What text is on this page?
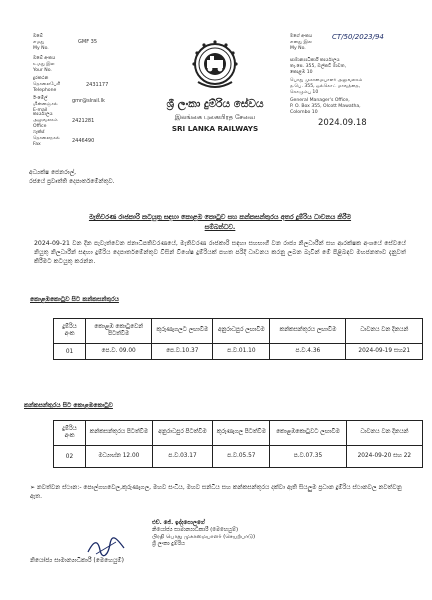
ඔබේ
எமது
My No.
GMF 35
ඔබේ අංකය
உமது இல
Your No.
දුරකථන
தொலைபேசி
Telephone
2431177
ඊ-මේල්
மின்னஞ்சல்
E-mail
gmr@slrail.lk
කාර්යාලය
அலுவலகம்
Office
2421281
ෆැක්ස්
தொலைநகல்
Fax
2446490
ශ්‍රී ලංකා දුම්රිය සේවය
இலங்கை புகையிரத சேவை
SRI LANKA RAILWAYS
මගේ අංකය
எனது இல
My No.
CT/50/2023/94
සාමාන්‍යාධිකාරී කාර්යාලය
තැ.පෙ. 355, ඔල්කට් මාවත,
කොළඹ 10
பொது முகாமையாளர் அலுவலகம்
த.பெ. 355, ஒல்கொட் மாவத்தை,
கொழும்பு 10
General Manager's Office,
P. O. Box 355, Olcott Mawatha,
Colombo 10
2024.09.18
අධ්‍යක්ෂ ජෙනරාල්,
රජයේ ප්‍රවෘත්ති දෙපාර්තමේන්තුව.
මැතිවරණ රාජකාරි කටයුතු සඳහා කොළඹ කොටුව සහ කන්කසන්තුරය අතර දුම්රිය ධාවනය කිරීම සම්බන්ධව.
2024-09-21 වන දින පැවැත්වෙන ජනාධිපතිවරණයේ, මැතිවරණ රාජකාරි සඳහා සහභාගී වන රාජ්‍ය නිලධාරීන් සහ ආරක්ෂක අංශයේ සේවයේ නියුතු නිලධාරීන් සඳහා දුම්රිය දෙපාර්තමේන්තුව විසින් විශේෂ දුම්රියක් පහත පරිදි ධාවනය කරනු ලබන බැවින් මේ පිළිබඳව මහජනතාව දැනුවත් කිරීමට කටයුතු කරන්න.
කොළඹකොටුව සිට කන්කසන්තුරය
දුම්රිය අංක	කොළඹ කොටුවෙන් පිටත්වීම	කුරුණෑගලට ලඟාවීම	අනුරාධපුර ලඟාවීම	කන්කසන්තුරය ලඟාවීම	ධාවනය වන දිනයන්
01	පෙ.ව. 09.00	පෙ.ව.10.37	ප.ව.01.10	ප.ව.4.36	2024-09-19 සහ21
කන්කසන්තුරය සිට කොළඹකොටුව
දුම්රිය අංක	කන්කසන්තුරය පිටත්වීම	අනුරාධපුර පිටත්වීම	කුරුණෑගල පිටත්වීම	කොළඹකොටුවට ලඟාවීම	ධාවනය වන දිනයන්
02	මධ්‍යාහ්න 12.00	ප.ව.03.17	ප.ව.05.57	ප.ව.07.35	2024-09-20 සහ 22
➢ නවත්වන ස්ථාන:- පොල්ගහවෙල,කුරුණෑගල, මහව සංධිය, මහව සන්ධිය සහ කන්කසන්තුරය දක්වා ඇති සියලුම ප්‍රධාන දුම්රිය ස්ථානවල නවත්වනු ඇත.
එච්. ජේ. ඉද්දපොලගේ
නියෝජ්‍ය සාමාන්‍යාධිකාරී (මෙහෙයුම්)
பிரதி பொது முகாமையாளர் (செயற்பாடு)
ශ්‍රී ලංකා දුම්රිය
නියෝජ්‍ය සාමාන්‍යාධිකාරී (මෙහෙයුම්)
